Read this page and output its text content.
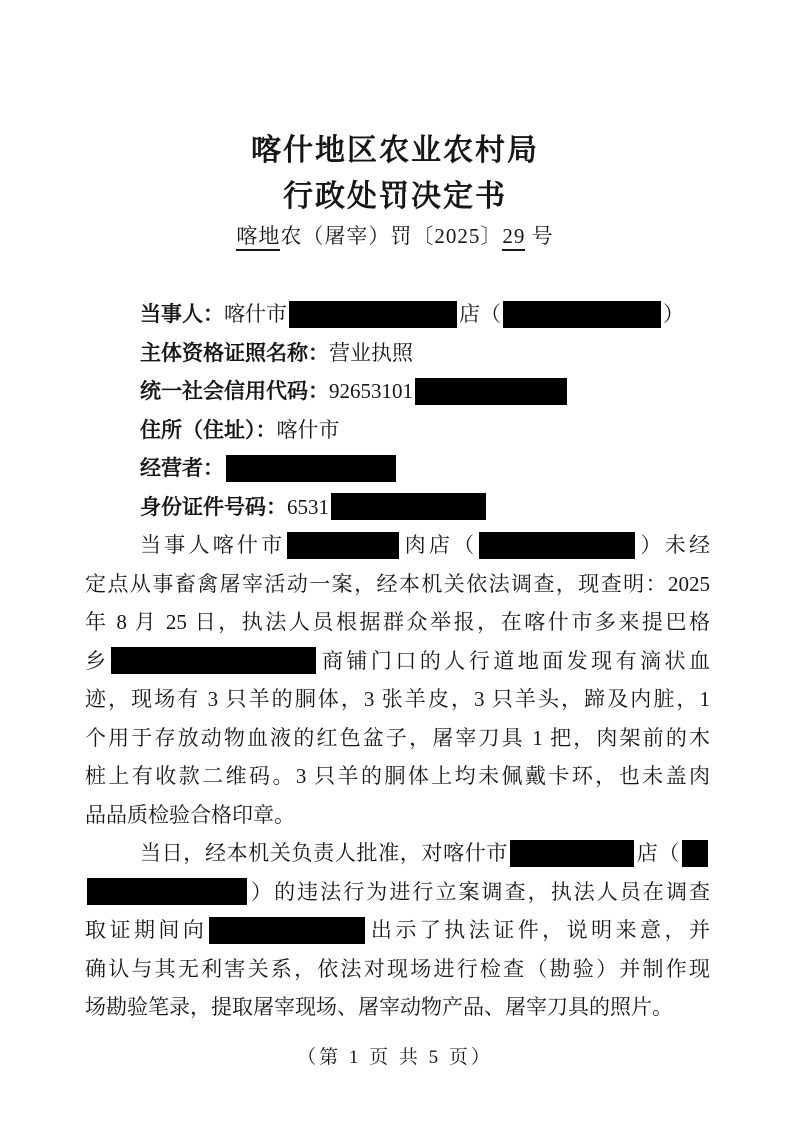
喀什地区农业农村局
行政处罚决定书
喀地农（屠宰）罚〔2025〕29 号
当事人：喀什市	店（	）
主体资格证照名称：营业执照
统一社会信用代码：92653101
住所（住址）：喀什市
经营者：
身份证件号码：6531
当事人喀什市	肉店（	）未经
定点从事畜禽屠宰活动一案，经本机关依法调查，现查明：2025
年 8 月 25 日，执法人员根据群众举报，在喀什市多来提巴格
乡	商铺门口的人行道地面发现有滴状血
迹，现场有 3 只羊的胴体，3 张羊皮，3 只羊头，蹄及内脏，1
个用于存放动物血液的红色盆子，屠宰刀具 1 把，肉架前的木
桩上有收款二维码。3 只羊的胴体上均未佩戴卡环，也未盖肉
品品质检验合格印章。
当日，经本机关负责人批准，对喀什市	店（
）的违法行为进行立案调查，执法人员在调查
取证期间向	出示了执法证件，说明来意，并
确认与其无利害关系，依法对现场进行检查（勘验）并制作现
场勘验笔录，提取屠宰现场、屠宰动物产品、屠宰刀具的照片。
（第 1 页 共 5 页）
